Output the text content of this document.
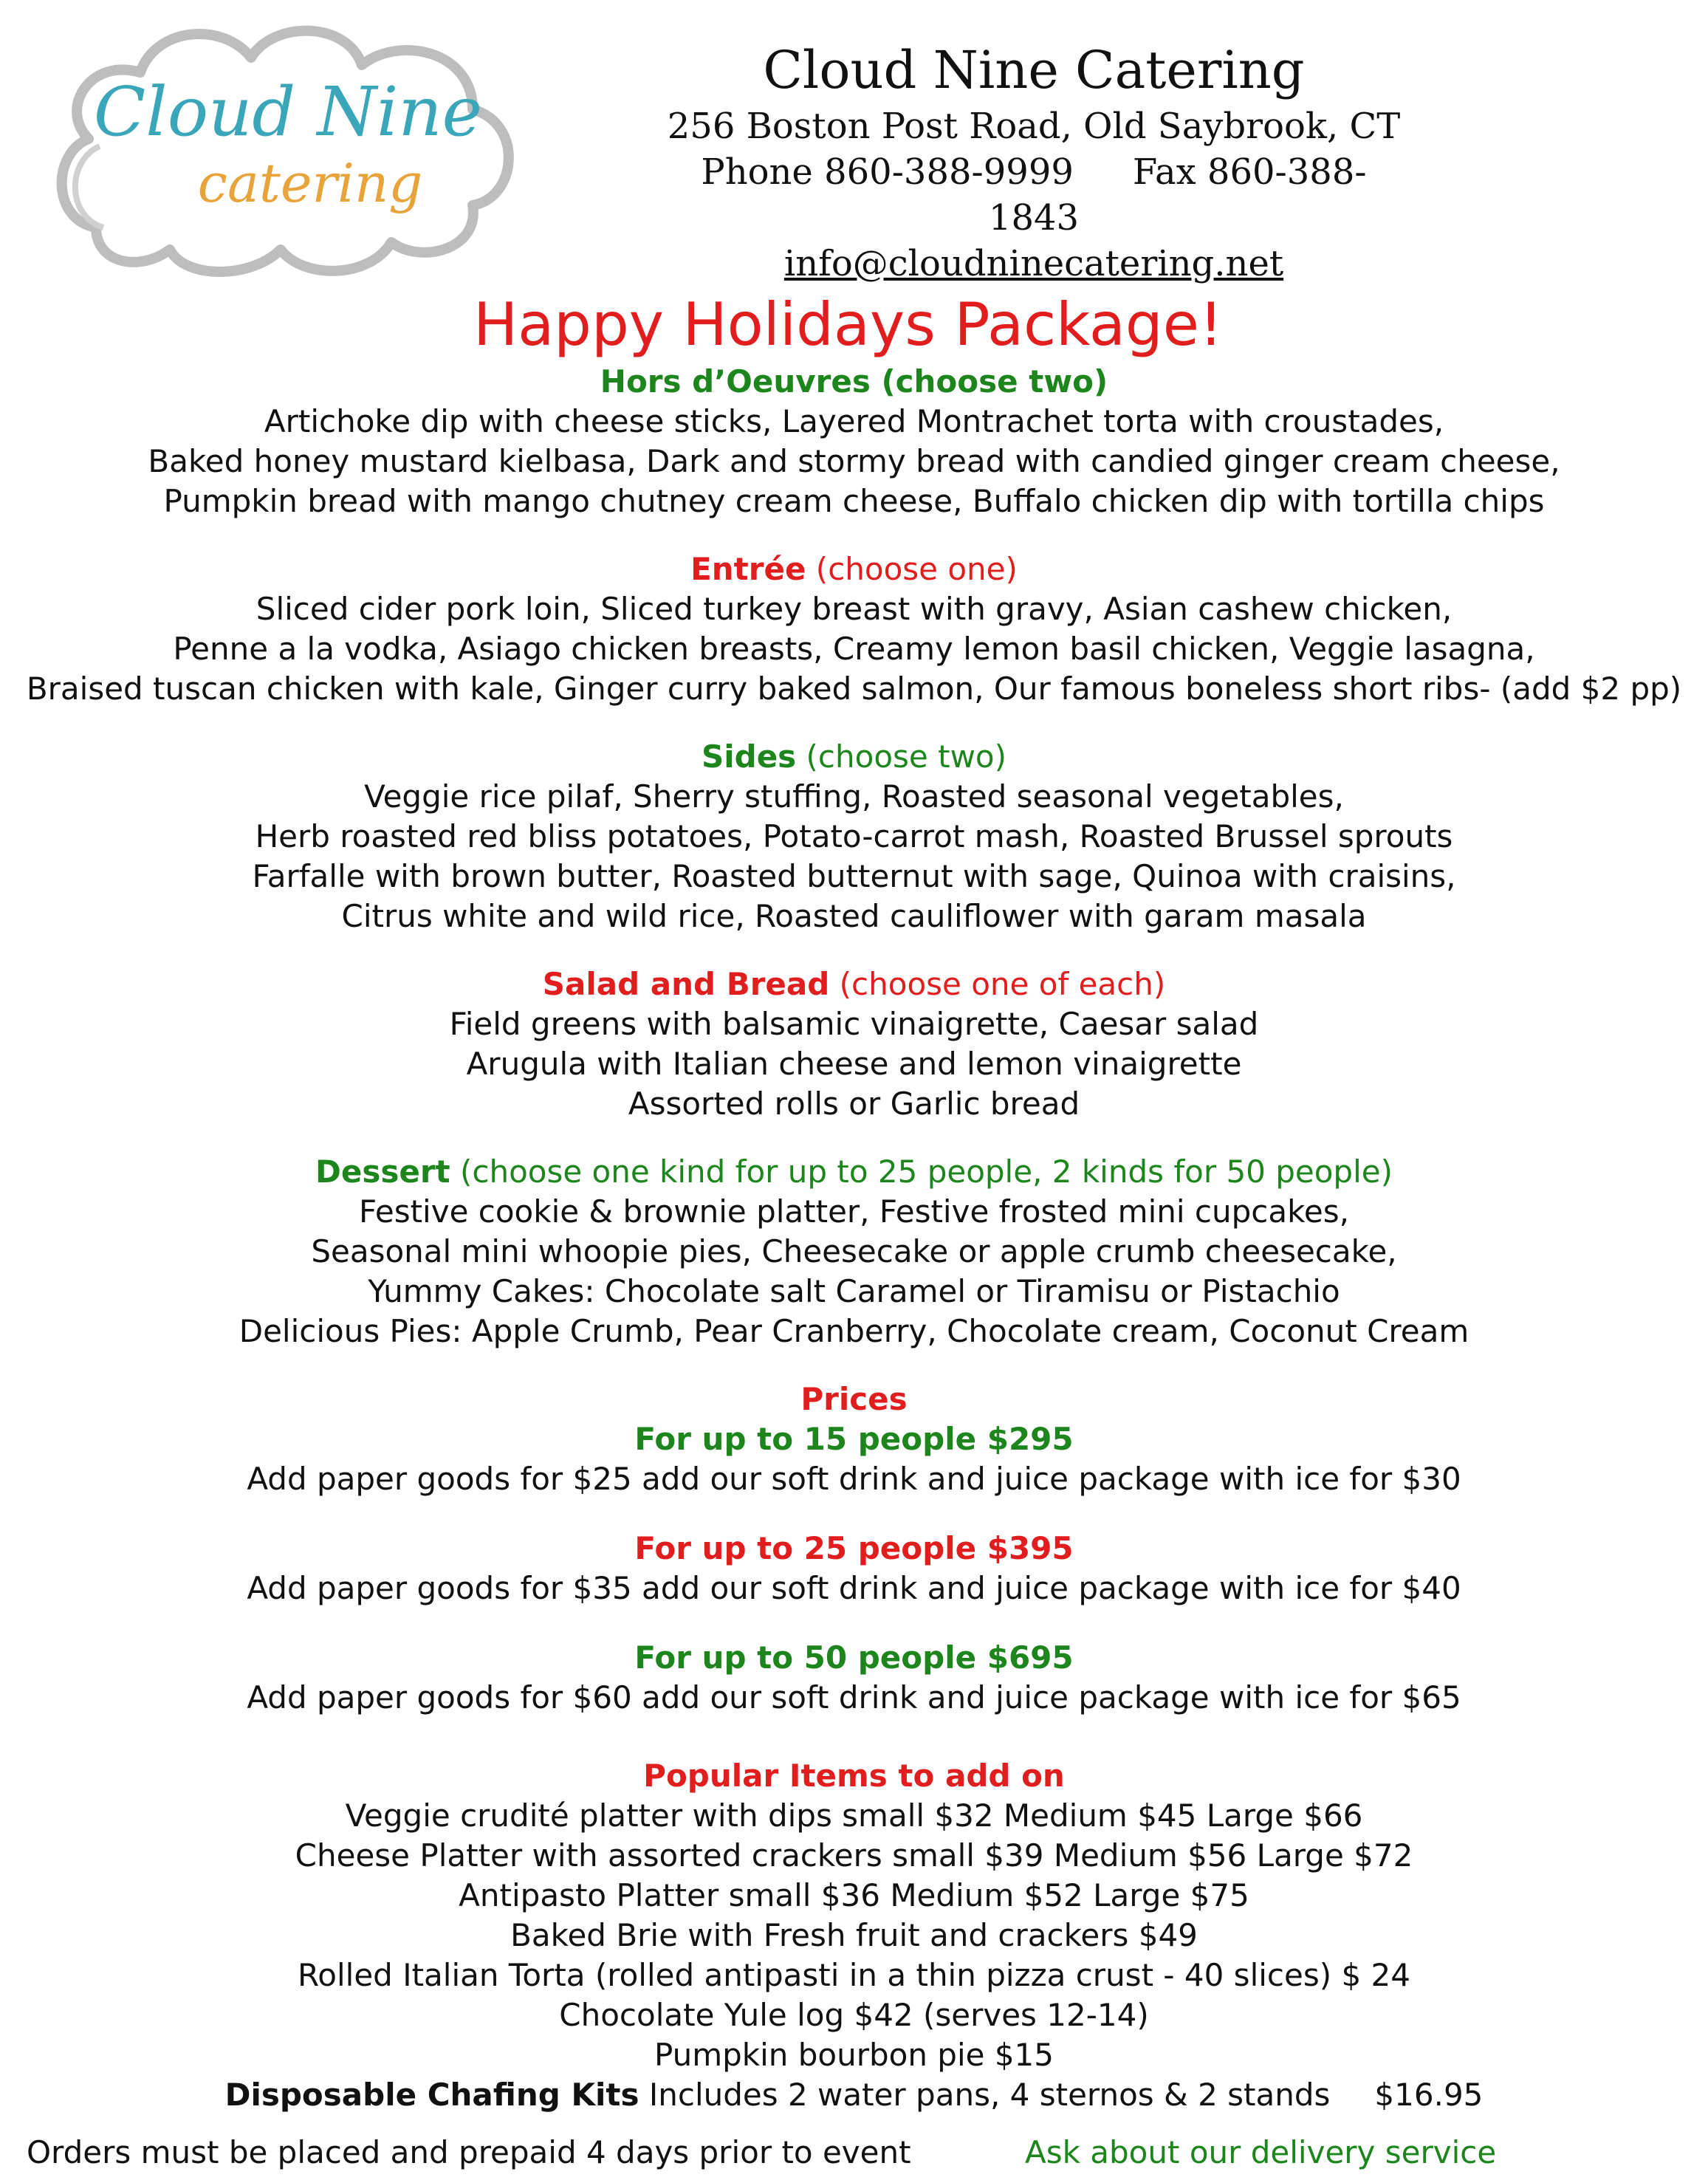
Cloud Nine
catering
Cloud Nine Catering
256 Boston Post Road, Old Saybrook, CT
Phone 860-388-9999 Fax 860-388-1843
info@cloudninecatering.net
Happy Holidays Package!
Hors d’Oeuvres (choose two)
Artichoke dip with cheese sticks, Layered Montrachet torta with croustades,
Baked honey mustard kielbasa, Dark and stormy bread with candied ginger cream cheese,
Pumpkin bread with mango chutney cream cheese, Buffalo chicken dip with tortilla chips
Entrée (choose one)
Sliced cider pork loin, Sliced turkey breast with gravy, Asian cashew chicken,
Penne a la vodka, Asiago chicken breasts, Creamy lemon basil chicken, Veggie lasagna,
Braised tuscan chicken with kale, Ginger curry baked salmon, Our famous boneless short ribs- (add $2 pp)
Sides (choose two)
Veggie rice pilaf, Sherry stuffing, Roasted seasonal vegetables,
Herb roasted red bliss potatoes, Potato-carrot mash, Roasted Brussel sprouts
Farfalle with brown butter, Roasted butternut with sage, Quinoa with craisins,
Citrus white and wild rice, Roasted cauliflower with garam masala
Salad and Bread (choose one of each)
Field greens with balsamic vinaigrette, Caesar salad
Arugula with Italian cheese and lemon vinaigrette
Assorted rolls or Garlic bread
Dessert (choose one kind for up to 25 people, 2 kinds for 50 people)
Festive cookie & brownie platter, Festive frosted mini cupcakes,
Seasonal mini whoopie pies, Cheesecake or apple crumb cheesecake,
Yummy Cakes: Chocolate salt Caramel or Tiramisu or Pistachio
Delicious Pies: Apple Crumb, Pear Cranberry, Chocolate cream, Coconut Cream
Prices
For up to 15 people $295
Add paper goods for $25 add our soft drink and juice package with ice for $30
For up to 25 people $395
Add paper goods for $35 add our soft drink and juice package with ice for $40
For up to 50 people $695
Add paper goods for $60 add our soft drink and juice package with ice for $65
Popular Items to add on
Veggie crudité platter with dips small $32 Medium $45 Large $66
Cheese Platter with assorted crackers small $39 Medium $56 Large $72
Antipasto Platter small $36 Medium $52 Large $75
Baked Brie with Fresh fruit and crackers $49
Rolled Italian Torta (rolled antipasti in a thin pizza crust - 40 slices) $ 24
Chocolate Yule log $42 (serves 12-14)
Pumpkin bourbon pie $15
Disposable Chafing Kits Includes 2 water pans, 4 sternos & 2 stands $16.95
Orders must be placed and prepaid 4 days prior to event	Ask about our delivery service
